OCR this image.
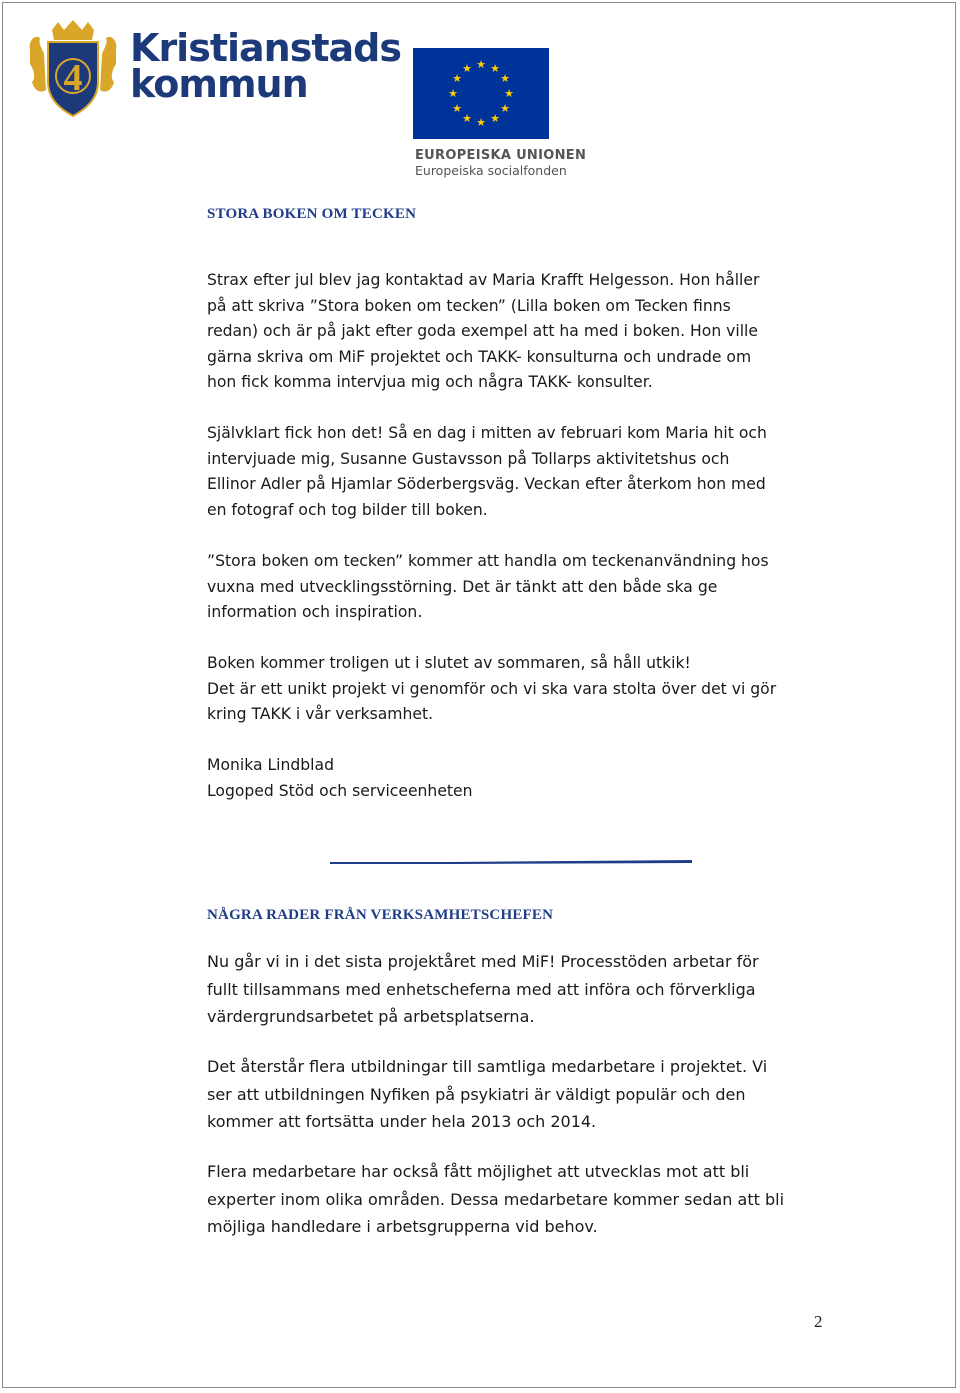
4
Kristianstads
kommun	★ ★
★
★
★
★
★
★
★
★
★
★
EUROPEISKA UNIONEN
Europeiska socialfonden
STORA BOKEN OM TECKEN

Strax efter jul blev jag kontaktad av Maria Krafft Helgesson. Hon håller
på att skriva ”Stora boken om tecken” (Lilla boken om Tecken finns
redan) och är på jakt efter goda exempel att ha med i boken. Hon ville
gärna skriva om MiF projektet och TAKK- konsulturna och undrade om
hon fick komma intervjua mig och några TAKK- konsulter.

Självklart fick hon det! Så en dag i mitten av februari kom Maria hit och
intervjuade mig, Susanne Gustavsson på Tollarps aktivitetshus och
Ellinor Adler på Hjamlar Söderbergsväg. Veckan efter återkom hon med
en fotograf och tog bilder till boken.

”Stora boken om tecken” kommer att handla om teckenanvändning hos
vuxna med utvecklingsstörning. Det är tänkt att den både ska ge
information och inspiration.

Boken kommer troligen ut i slutet av sommaren, så håll utkik!
Det är ett unikt projekt vi genomför och vi ska vara stolta över det vi gör
kring TAKK i vår verksamhet.

Monika Lindblad
Logoped Stöd och serviceenheten
NÅGRA RADER FRÅN VERKSAMHETSCHEFEN
Nu går vi in i det sista projektåret med MiF! Processtöden arbetar för
fullt tillsammans med enhetscheferna med att införa och förverkliga
värdergrundsarbetet på arbetsplatserna.
Det återstår flera utbildningar till samtliga medarbetare i projektet. Vi
ser att utbildningen Nyfiken på psykiatri är väldigt populär och den
kommer att fortsätta under hela 2013 och 2014.
Flera medarbetare har också fått möjlighet att utvecklas mot att bli
experter inom olika områden. Dessa medarbetare kommer sedan att bli
möjliga handledare i arbetsgrupperna vid behov.
2
